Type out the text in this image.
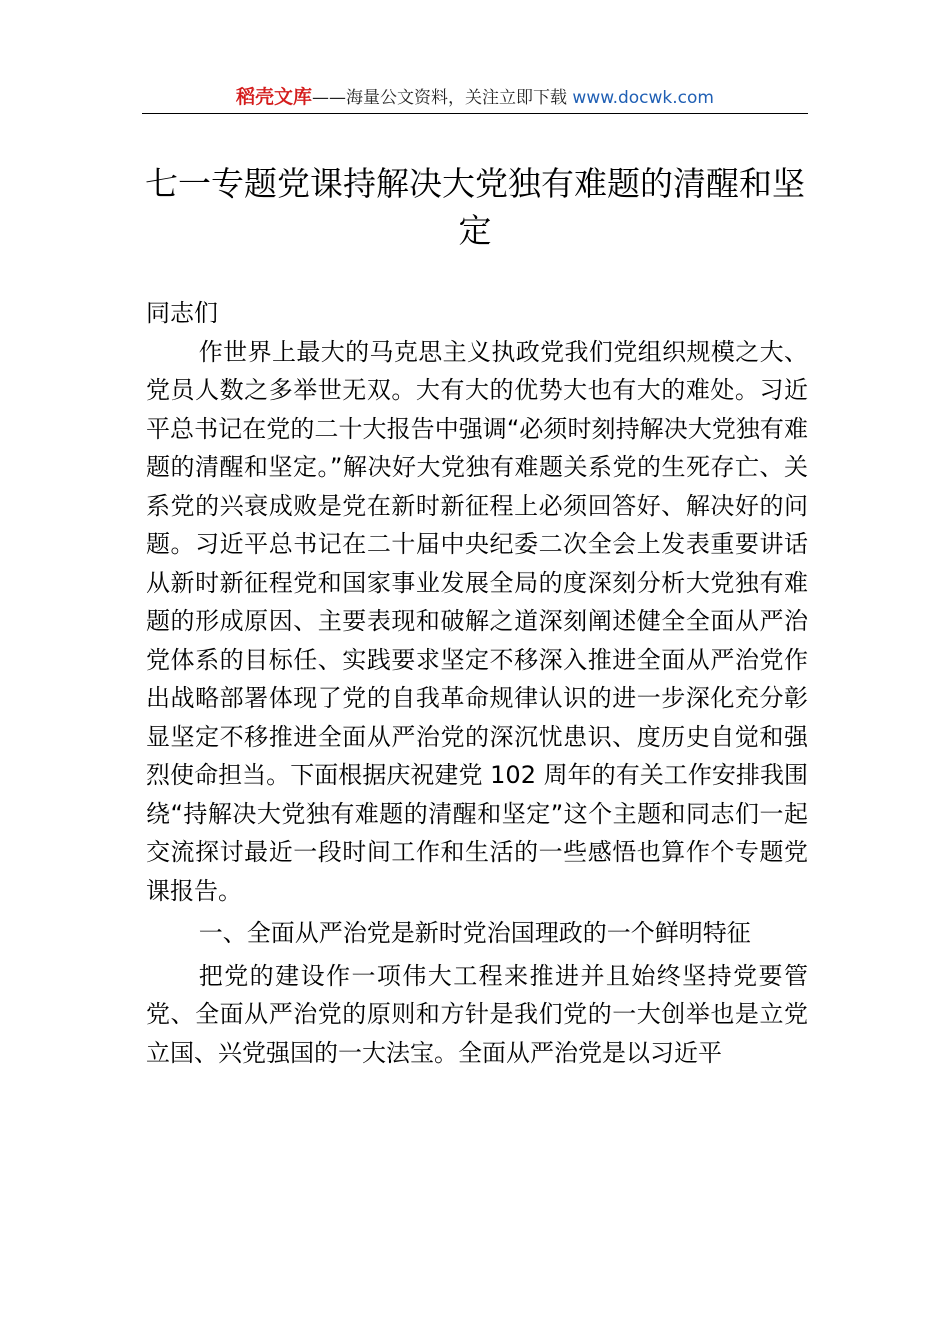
稻壳文库——海量公文资料，关注立即下载 www.docwk.com
七一专题党课持解决大党独有难题的清醒和坚定

同志们

作世界上最大的马克思主义执政党我们党组织规模之大、党员人数之多举世无双。大有大的优势大也有大的难处。习近平总书记在党的二十大报告中强调“必须时刻持解决大党独有难题的清醒和坚定。”解决好大党独有难题关系党的生死存亡、关系党的兴衰成败是党在新时新征程上必须回答好、解决好的问题。习近平总书记在二十届中央纪委二次全会上发表重要讲话从新时新征程党和国家事业发展全局的度深刻分析大党独有难题的形成原因、主要表现和破解之道深刻阐述健全全面从严治党体系的目标任、实践要求坚定不移深入推进全面从严治党作出战略部署体现了党的自我革命规律认识的进一步深化充分彰显坚定不移推进全面从严治党的深沉忧患识、度历史自觉和强烈使命担当。下面根据庆祝建党 102 周年的有关工作安排我围绕“持解决大党独有难题的清醒和坚定”这个主题和同志们一起交流探讨最近一段时间工作和生活的一些感悟也算作个专题党课报告。

一、全面从严治党是新时党治国理政的一个鲜明特征

把党的建设作一项伟大工程来推进并且始终坚持党要管党、全面从严治党的原则和方针是我们党的一大创举也是立党立国、兴党强国的一大法宝。全面从严治党是以习近平
